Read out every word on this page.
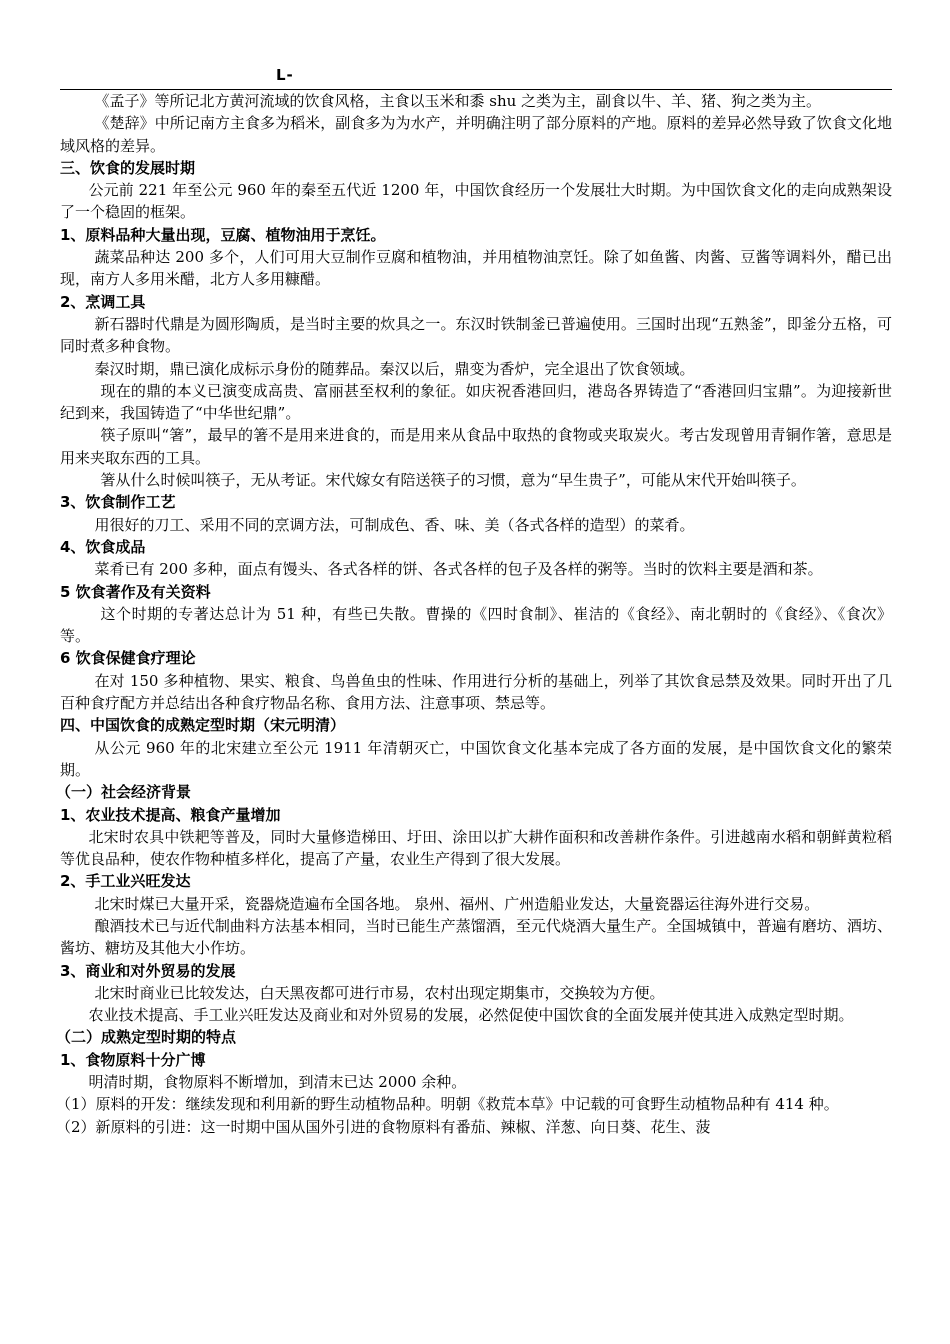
L-

《孟子》等所记北方黄河流域的饮食风格，主食以玉米和黍 shu 之类为主，副食以牛、羊、猪、狗之类为主。

《楚辞》中所记南方主食多为稻米，副食多为为水产，并明确注明了部分原料的产地。原料的差异必然导致了饮食文化地域风格的差异。

三、饮食的发展时期

公元前 221 年至公元 960 年的秦至五代近 1200 年，中国饮食经历一个发展壮大时期。为中国饮食文化的走向成熟架设了一个稳固的框架。

1、原料品种大量出现，豆腐、植物油用于烹饪。

蔬菜品种达 200 多个，人们可用大豆制作豆腐和植物油，并用植物油烹饪。除了如鱼酱、肉酱、豆酱等调料外，醋已出现，南方人多用米醋，北方人多用糠醋。

2、烹调工具

新石器时代鼎是为圆形陶质，是当时主要的炊具之一。东汉时铁制釜已普遍使用。三国时出现“五熟釜”，即釜分五格，可同时煮多种食物。

秦汉时期，鼎已演化成标示身份的随葬品。秦汉以后，鼎变为香炉，完全退出了饮食领域。

现在的鼎的本义已演变成高贵、富丽甚至权利的象征。如庆祝香港回归，港岛各界铸造了“香港回归宝鼎”。为迎接新世纪到来，我国铸造了“中华世纪鼎”。

筷子原叫“箸”，最早的箸不是用来进食的，而是用来从食品中取热的食物或夹取炭火。考古发现曾用青铜作箸，意思是用来夹取东西的工具。

箸从什么时候叫筷子，无从考证。宋代嫁女有陪送筷子的习惯，意为“早生贵子”，可能从宋代开始叫筷子。

3、饮食制作工艺

用很好的刀工、采用不同的烹调方法，可制成色、香、味、美（各式各样的造型）的菜肴。

4、饮食成品

菜肴已有 200 多种，面点有馒头、各式各样的饼、各式各样的包子及各样的粥等。当时的饮料主要是酒和茶。

5 饮食著作及有关资料

这个时期的专著达总计为 51 种，有些已失散。曹操的《四时食制》、崔洁的《食经》、南北朝时的《食经》、《食次》等。

6 饮食保健食疗理论

在对 150 多种植物、果实、粮食、鸟兽鱼虫的性味、作用进行分析的基础上，列举了其饮食忌禁及效果。同时开出了几百种食疗配方并总结出各种食疗物品名称、食用方法、注意事项、禁忌等。

四、中国饮食的成熟定型时期（宋元明清）

从公元 960 年的北宋建立至公元 1911 年清朝灭亡，中国饮食文化基本完成了各方面的发展，是中国饮食文化的繁荣期。

（一）社会经济背景

1、农业技术提高、粮食产量增加

北宋时农具中铁耙等普及，同时大量修造梯田、圩田、涂田以扩大耕作面积和改善耕作条件。引进越南水稻和朝鲜黄粒稻等优良品种，使农作物种植多样化，提高了产量，农业生产得到了很大发展。

2、手工业兴旺发达

北宋时煤已大量开采，瓷器烧造遍布全国各地。 泉州、福州、广州造船业发达，大量瓷器运往海外进行交易。

酿酒技术已与近代制曲料方法基本相同，当时已能生产蒸馏酒，至元代烧酒大量生产。全国城镇中，普遍有磨坊、酒坊、酱坊、糖坊及其他大小作坊。

3、商业和对外贸易的发展

北宋时商业已比较发达，白天黑夜都可进行市易，农村出现定期集市，交换较为方便。

农业技术提高、手工业兴旺发达及商业和对外贸易的发展，必然促使中国饮食的全面发展并使其进入成熟定型时期。

（二）成熟定型时期的特点

1、食物原料十分广博

明清时期，食物原料不断增加，到清末已达 2000 余种。

（1）原料的开发：继续发现和利用新的野生动植物品种。明朝《救荒本草》中记载的可食野生动植物品种有 414 种。

（2）新原料的引进：这一时期中国从国外引进的食物原料有番茄、辣椒、洋葱、向日葵、花生、菠
